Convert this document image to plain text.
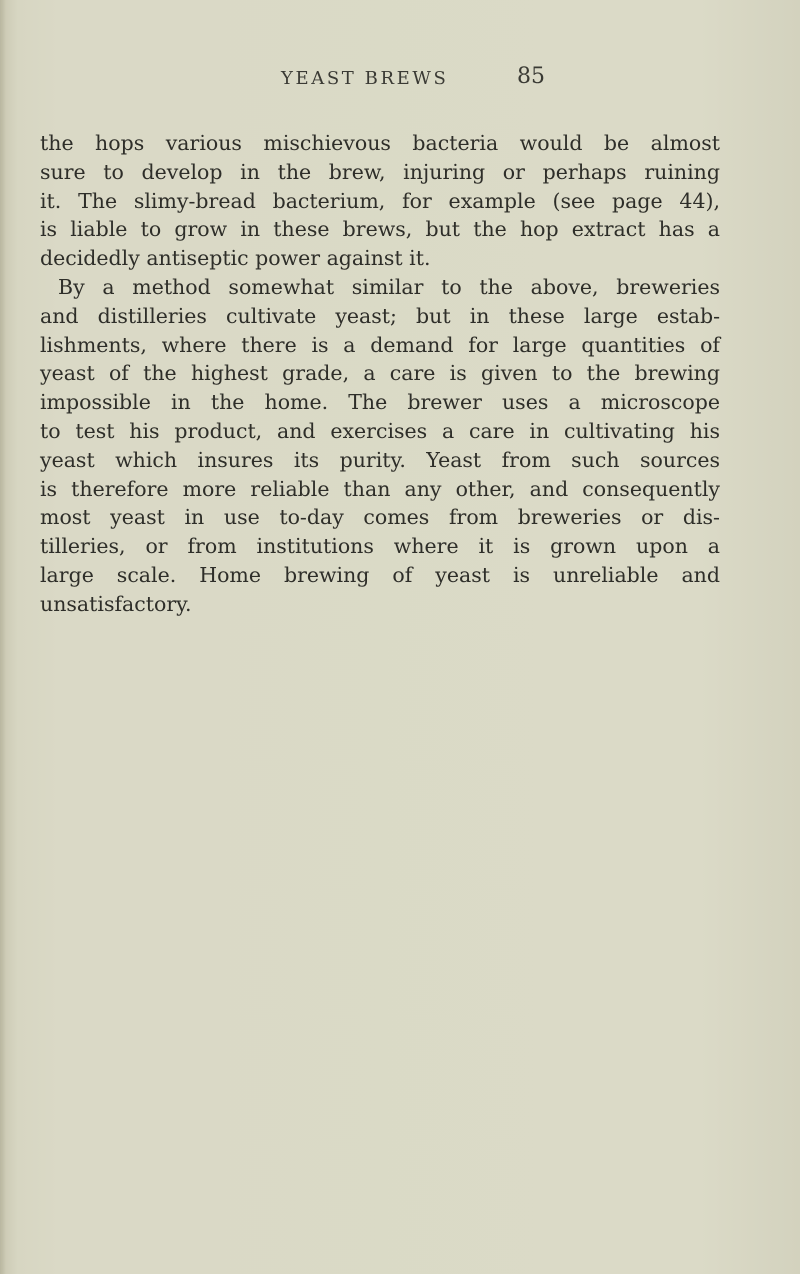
YEAST BREWS	85
the hops various mischievous bacteria would be almost
sure to develop in the brew, injuring or perhaps ruining
it. The slimy-bread bacterium, for example (see page 44),
is liable to grow in these brews, but the hop extract has a
decidedly antiseptic power against it.
By a method somewhat similar to the above, breweries
and distilleries cultivate yeast; but in these large estab-
lishments, where there is a demand for large quantities of
yeast of the highest grade, a care is given to the brewing
impossible in the home. The brewer uses a microscope
to test his product, and exercises a care in cultivating his
yeast which insures its purity. Yeast from such sources
is therefore more reliable than any other, and consequently
most yeast in use to-day comes from breweries or dis-
tilleries, or from institutions where it is grown upon a
large scale. Home brewing of yeast is unreliable and
unsatisfactory.
